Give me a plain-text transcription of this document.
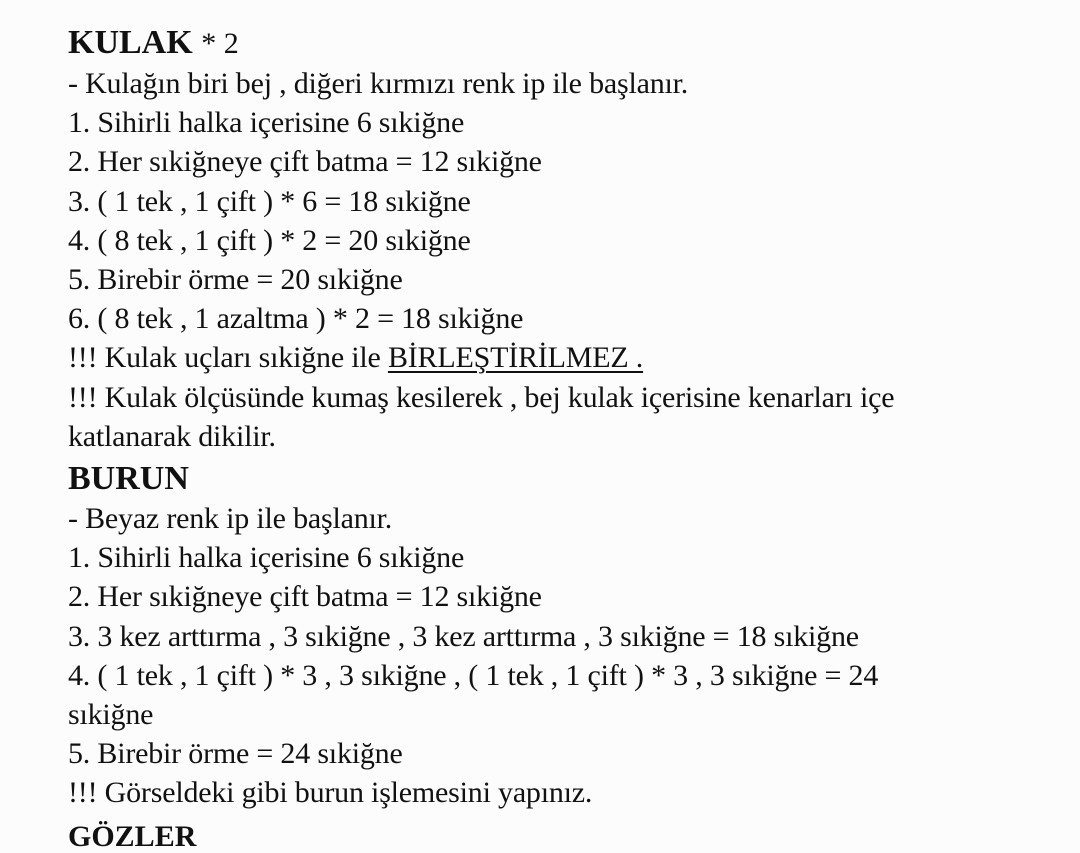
KULAK * 2
- Kulağın biri bej , diğeri kırmızı renk ip ile başlanır.
1. Sihirli halka içerisine 6 sıkiğne
2. Her sıkiğneye çift batma = 12 sıkiğne
3. ( 1 tek , 1 çift ) * 6 = 18 sıkiğne
4. ( 8 tek , 1 çift ) * 2 = 20 sıkiğne
5. Birebir örme = 20 sıkiğne
6. ( 8 tek , 1 azaltma ) * 2 = 18 sıkiğne
!!! Kulak uçları sıkiğne ile BİRLEŞTİRİLMEZ .
!!! Kulak ölçüsünde kumaş kesilerek , bej kulak içerisine kenarları içe
katlanarak dikilir.
BURUN
- Beyaz renk ip ile başlanır.
1. Sihirli halka içerisine 6 sıkiğne
2. Her sıkiğneye çift batma = 12 sıkiğne
3. 3 kez arttırma , 3 sıkiğne , 3 kez arttırma , 3 sıkiğne = 18 sıkiğne
4. ( 1 tek , 1 çift ) * 3 , 3 sıkiğne , ( 1 tek , 1 çift ) * 3 , 3 sıkiğne = 24
sıkiğne
5. Birebir örme = 24 sıkiğne
!!! Görseldeki gibi burun işlemesini yapınız.
GÖZLER
